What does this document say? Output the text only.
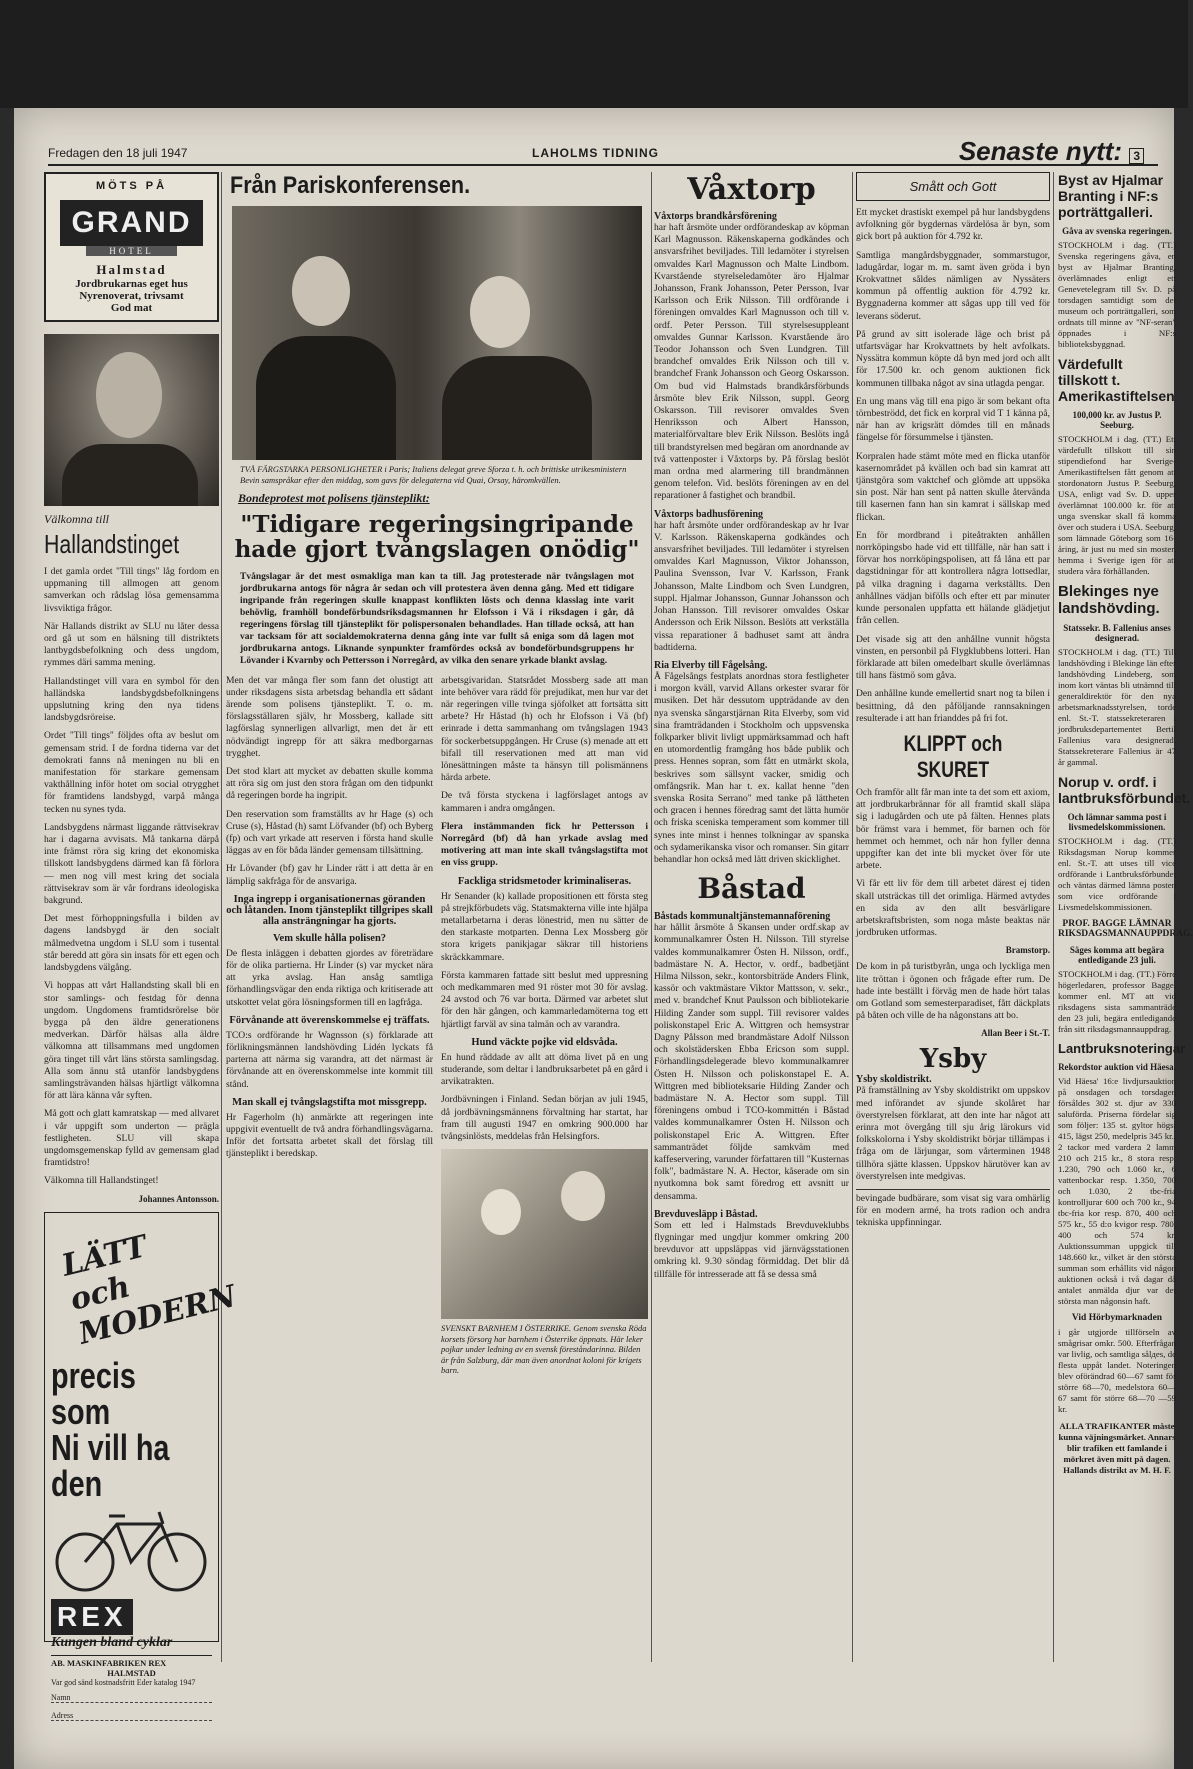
Fredagen den 18 juli 1947	LAHOLMS TIDNING	Senaste nytt: 3
MÖTS PÅ
GRAND
HOTEL
Halmstad
Jordbrukarnas eget hus
Nyrenoverat, trivsamt
God mat
Välkomna till
Hallandstinget

I det gamla ordet "Till tings" låg fordom en uppmaning till allmogen att genom samverkan och rådslag lösa gemensamma livsviktiga frågor.

När Hallands distrikt av SLU nu låter dessa ord gå ut som en hälsning till distriktets lantbygdsbefolkning och dess ungdom, rymmes däri samma mening.

Hallandstinget vill vara en symbol för den halländska landsbygdsbefolkningens uppslutning kring den nya tidens landsbygdsröreise.

Ordet "Till tings" följdes ofta av beslut om gemensam strid. I de fordna tiderna var det demokrati fanns nå meningen nu bli en manifestation för starkare gemensam vakthållning inför hotet om social otrygghet för framtidens landsbygd, varpå många tecken nu synes tyda.

Landsbygdens närmast liggande rättvisekrav har i dagarna avvisats. Må tankarna därpå inte främst röra sig kring det ekonomiska tillskott landsbygdens därmed kan få förlora — men nog vill mest kring det sociala rättvisekrav som är vår fordrans ideologiska bakgrund.

Det mest förhoppningsfulla i bilden av dagens landsbygd är den socialt målmedvetna ungdom i SLU som i tusental står beredd att göra sin insats för ett egen och landsbygdens välgång.

Vi hoppas att vårt Hallandsting skall bli en stor samlings- och festdag för denna ungdom. Ungdomens framtidsrörelse bör bygga på den äldre generationens medverkan. Därför hälsas alla äldre välkomna att tillsammans med ungdomen göra tinget till vårt läns största samlingsdag. Alla som ännu stå utanför landsbygdens samlingsträvanden hälsas hjärtligt välkomna för att lära känna vår syften.

Må gott och glatt kamratskap — med allvaret i vår uppgift som underton — prägla festligheten. SLU vill skapa ungdomsgemenskap fylld av gemensam glad framtidstro!

Välkomna till Hallandstinget!

Johannes Antonsson.
LÄTT och MODERN
precis som
Ni vill ha
den
REX
Kungen bland cyklar
AB. MASKINFABRIKEN REX
HALMSTAD
Var god sänd kostnadsfritt Eder katalog 1947
Namn
Adress
Från Pariskonferensen.
TVÅ FÄRGSTARKA PERSONLIGHETER i Paris; Italiens delegat greve Sforza t. h. och brittiske utrikesministern Bevin samspråkar efter den middag, som gavs för delegaterna vid Quai, Orsay, häromkvällen.
Bondeprotest mot polisens tjänsteplikt:
"Tidigare regeringsingripande hade gjort tvångslagen onödig"
Tvångslagar är det mest osmakliga man kan ta till. Jag protesterade när tvångslagen mot jordbrukarna antogs för några år sedan och vill protestera även denna gång. Med ett tidigare ingripande från regeringen skulle knappast konflikten lösts och denna klasslag inte varit behövlig, framhöll bondeförbundsriksdagsmannen hr Elofsson i Vä i riksdagen i går, då regeringens förslag till tjänsteplikt för polispersonalen behandlades. Han tillade också, att han var tacksam för att socialdemokraterna denna gång inte var fullt så eniga som då lagen mot jordbrukarna antogs. Liknande synpunkter framfördes också av bondeförbundsgruppens hr Lövander i Kvarnby och Pettersson i Norregård, av vilka den senare yrkade blankt avslag.

Men det var många fler som fann det olustigt att under riksdagens sista arbetsdag behandla ett sådant ärende som polisens tjänsteplikt. T. o. m. förslagsställaren själv, hr Mossberg, kallade sitt lagförslag synnerligen allvarligt, men det är ett nödvändigt ingrepp för att säkra medborgarnas trygghet.

Det stod klart att mycket av debatten skulle komma att röra sig om just den stora frågan om den tidpunkt då regeringen borde ha ingripit.

Den reservation som framställts av hr Hage (s) och Cruse (s), Håstad (h) samt Löfvander (bf) och Byberg (fp) och vart yrkade att reserven i första hand skulle läggas av en för båda länder gemensam tillsättning.

Hr Lövander (bf) gav hr Linder rätt i att detta är en lämplig sakfråga för de ansvariga.

Inga ingrepp i organisationernas göranden och låtanden. Inom tjänsteplikt tillgripes skall alla ansträngningar ha gjorts.
Vem skulle hålla polisen?

De flesta inläggen i debatten gjordes av företrädare för de olika partierna. Hr Linder (s) var mycket nära att yrka avslag. Han ansåg samtliga förhandlingsvägar den enda riktiga och kritiserade att utskottet velat göra lösningsformen till en lagfråga.

Förvånande att överenskommelse ej träffats.

TCO:s ordförande hr Wagnsson (s) förklarade att förlikningsmännen landshövding Lidén lyckats få parterna att närma sig varandra, att det närmast är förvånande att en överenskommelse inte kommit till stånd.

Man skall ej tvångslagstifta mot missgrepp.

Hr Fagerholm (h) anmärkte att regeringen inte uppgivit eventuellt de två andra förhandlingsvägarna. Inför det fortsatta arbetet skall det förslag till tjänsteplikt i beredskap.

arbetsgivaridan. Statsrådet Mossberg sade att man inte behöver vara rädd för prejudikat, men hur var det när regeringen ville tvinga sjöfolket att fortsätta sitt arbete? Hr Håstad (h) och hr Elofsson i Vä (bf) erinrade i detta sammanhang om tvångslagen 1943 för sockerbetsuppgången. Hr Cruse (s) menade att ett bifall till reservationen med att man vid lönesättningen måste ta hänsyn till polismännens härda arbete.

De två första styckena i lagförslaget antogs av kammaren i andra omgången.

Flera instämmanden fick hr Pettersson i Norregård (bf) då han yrkade avslag med motivering att man inte skall tvångslagstifta mot en viss grupp.

Fackliga stridsmetoder kriminaliseras.

Hr Senander (k) kallade propositionen ett första steg på strejkförbudets väg. Statsmakterna ville inte hjälpa metallarbetarna i deras lönestrid, men nu sätter de den starkaste motparten. Denna Lex Mossberg gör stora krigets panikjagar säkrar till historiens skräckkammare.

Första kammaren fattade sitt beslut med uppresning och medkammaren med 91 röster mot 30 för avslag. 24 avstod och 76 var borta. Därmed var arbetet slut för den här gången, och kammarledamöterna tog ett hjärtligt farväl av sina talmän och av varandra.

Hund väckte pojke vid eldsvåda.

En hund räddade av allt att döma livet på en ung studerande, som deltar i landbruksarbetet på en gård i arvikatrakten.

Jordbävningen i Finland. Sedan början av juli 1945, då jordbävningsmännens förvaltning har startat, har fram till augusti 1947 en omkring 900.000 har tvångsinlösts, meddelas från Helsingfors.

SVENSKT BARNHEM I ÖSTERRIKE. Genom svenska Röda korsets försorg har barnhem i Österrike öppnats. Här leker pojkar under ledning av en svensk föreståndarinna. Bilden är från Salzburg, där man även anordnat koloni för krigets barn.
Våxtorp
Våxtorps brandkårsförening

har haft årsmöte under ordförandeskap av köpman Karl Magnusson. Räkenskaperna godkändes och ansvarsfrihet beviljades. Till ledamöter i styrelsen omvaldes Karl Magnusson och Malte Lindbom. Kvarstående styrelseledamöter äro Hjalmar Johansson, Frank Johansson, Peter Persson, Ivar Karlsson och Erik Nilsson. Till ordförande i föreningen omvaldes Karl Magnusson och till v. ordf. Peter Persson. Till styrelsesuppleant omvaldes Gunnar Karlsson. Kvarstående äro Teodor Johansson och Sven Lundgren. Till brandchef omvaldes Erik Nilsson och till v. brandchef Frank Johansson och Georg Oskarsson. Om bud vid Halmstads brandkårsförbunds årsmöte blev Erik Nilsson, suppl. Georg Oskarsson. Till revisorer omvaldes Sven Henriksson och Albert Hansson, materialförvaltare blev Erik Nilsson. Beslöts ingå till brandstyrelsen med begäran om anordnande av två vattenposter i Våxtorps by. På förslag beslöt man ordna med alarmering till brandmännen genom telefon. Vid. beslöts föreningen av en del reparationer å fastighet och brandbil.

Våxtorps badhusförening

har haft årsmöte under ordförandeskap av hr Ivar V. Karlsson. Räkenskaperna godkändes och ansvarsfrihet beviljades. Till ledamöter i styrelsen omvaldes Karl Magnusson, Viktor Johansson, Paulina Svensson, Ivar V. Karlsson, Frank Johansson, Malte Lindbom och Sven Lundgren, suppl. Hjalmar Johansson, Gunnar Johansson och Johan Hansson. Till revisorer omvaldes Oskar Andersson och Erik Nilsson. Beslöts att verkställa vissa reparationer å badhuset samt att ändra badtiderna.

Ria Elverby till Fågelsång.

Å Fågelsångs festplats anordnas stora festligheter i morgon kväll, varvid Allans orkester svarar för musiken. Det här dessutom uppträdande av den nya svenska sångarstjärnan Rita Elverby, som vid sina framträdanden i Stockholm och uppsvenska folkparker blivit livligt uppmärksammad och haft en utomordentlig framgång hos både publik och press. Hennes sopran, som fått en utmärkt skola, beskrives som sällsynt vacker, smidig och omfångsrik. Man har t. ex. kallat henne "den svenska Rosita Serrano" med tanke på lättheten och gracen i hennes föredrag samt det lätta humör och friska sceniska temperament som kommer till synes inte minst i hennes tolkningar av spanska och sydamerikanska visor och romanser. Sin gitarr behandlar hon också med lätt driven skicklighet.

Båstad
Båstads kommunaltjänstemannaförening

har hållit årsmöte å Skansen under ordf.skap av kommunalkamrer Östen H. Nilsson. Till styrelse valdes kommunalkamrer Östen H. Nilsson, ordf., badmästare N. A. Hector, v. ordf., badbetjänt Hilma Nilsson, sekr., kontorsbiträde Anders Flink, kassör och vaktmästare Viktor Mattsson, v. sekr., med v. brandchef Knut Paulsson och bibliotekarie Hilding Zander som suppl. Till revisorer valdes poliskonstapel Eric A. Wittgren och hemsystrar Dagny Pålsson med brandmästare Adolf Nilsson och skolstädersken Ebba Ericson som suppl. Förhandlingsdelegerade blevo kommunalkamrer Östen H. Nilsson och poliskonstapel E. A. Wittgren med biblioteksarie Hilding Zander och badmästare N. A. Hector som suppl. Till föreningens ombud i TCO-kommittén i Båstad valdes kommunalkamrer Östen H. Nilsson och poliskonstapel Eric A. Wittgren. Efter sammanträdet följde samkväm med kaffeservering, varunder författaren till "Kusternas folk", badmästare N. A. Hector, kåserade om sin nyutkomna bok samt föredrog ett avsnitt ur densamma.

Brevduvesläpp i Båstad.

Som ett led i Halmstads Brevduveklubbs flygningar med ungdjur kommer omkring 200 brevduvor att uppsläppas vid järnvägsstationen omkring kl. 9.30 söndag förmiddag. Det blir då tillfälle för intresserade att få se dessa små

Smått och Gott

Ett mycket drastiskt exempel på hur landsbygdens avfolkning gör bygdernas värdelösa är byn, som gick bort på auktion för 4.792 kr.

Samtliga mangårdsbyggnader, sommarstugor, ladugårdar, logar m. m. samt även gröda i byn Krokvattnet såldes nämligen av Nyssäters kommun på offentlig auktion för 4.792 kr. Byggnaderna kommer att sågas upp till ved för leverans söderut.

På grund av sitt isolerade läge och brist på utfartsvägar har Krokvattnets by helt avfolkats. Nyssätra kommun köpte då byn med jord och allt för 17.500 kr. och genom auktionen fick kommunen tillbaka något av sina utlagda pengar.

En ung mans väg till ena pigo är som bekant ofta törnbeströdd, det fick en korpral vid T 1 känna på, när han av krigsrätt dömdes till en månads fängelse för försummelse i tjänsten.

Korpralen hade stämt möte med en flicka utanför kasernområdet på kvällen och bad sin kamrat att tjänstgöra som vaktchef och glömde att uppsöka sin post. När han sent på natten skulle återvända till kasernen fann han sin kamrat i sällskap med flickan.

En för mordbrand i piteåtrakten anhållen norrköpingsbo hade vid ett tillfälle, när han satt i förvar hos norrköpingspolisen, att få låna ett par dagstidningar för att kontrollera några lottsedlar, på vilka dragning i dagarna verkställts. Den anhållnes vädjan bifölls och efter ett par minuter kunde personalen uppfatta ett hälande glädjetjut från cellen.

Det visade sig att den anhållne vunnit högsta vinsten, en personbil på Flygklubbens lotteri. Han förklarade att bilen omedelbart skulle överlämnas till hans fästmö som gåva.

Den anhållne kunde emellertid snart nog ta bilen i besittning, då den påföljande rannsakningen resulterade i att han frianddes på fri fot.

KLIPPT och SKURET

Och framför allt får man inte ta det som ett axiom, att jordbrukarbrännar för all framtid skall släpa sig i ladugården och ute på fälten. Hennes plats bör främst vara i hemmet, för barnen och för hemmet och hemmet, och när hon fyller denna uppgifter kan det inte bli mycket över för ute arbete.

Vi får ett liv för dem till arbetet därest ej tiden skall utsträckas till det orimliga. Härmed avtydes en sida av den allt besvärligare arbetskraftsbristen, som noga måste beaktas när jordbruken utformas.

Bramstorp.

De kom in på turistbyrån, unga och lyckliga men lite tröttan i ögonen och frågade efter rum. De hade inte beställt i förväg men de hade hört talas om Gotland som semesterparadiset, fått däckplats på båten och ville de ha någonstans att bo.

Allan Beer i St.-T.
Ysby
Ysby skoldistrikt.

På framställning av Ysby skoldistrikt om uppskov med införandet av sjunde skolåret har överstyrelsen förklarat, att den inte har något att erinra mot övergång till sju årig lärokurs vid folkskolorna i Ysby skoldistrikt börjar tillämpas i fråga om de lärjungar, som vårterminen 1948 tillhöra sjätte klassen. Uppskov härutöver kan av överstyrelsen inte medgivas.

bevingade budbärare, som visat sig vara omhärlig för en modern armé, ha trots radion och andra tekniska uppfinningar.

Byst av Hjalmar Branting i NF:s porträttgalleri.
Gåva av svenska regeringen.

STOCKHOLM i dag. (TT.) Svenska regeringens gåva, en byst av Hjalmar Branting, överlämnades enligt ett Genevetelegram till Sv. D. på torsdagen samtidigt som det museum och porträttgalleri, som ordnats till minne av "NF-seran" öppnades i NF:s biblioteksbyggnad.

Värdefullt tillskott t. Amerikastiftelsen
100,000 kr. av Justus P. Seeburg.

STOCKHOLM i dag. (TT.) Ett värdefullt tillskott till sin stipendiefond har Sverige-Amerikastiftelsen fått genom att stordonatorn Justus P. Seeburg, USA, enligt vad Sv. D. upper överlämnat 100.000 kr. för att unga svenskar skall få komma över och studera i USA. Seeburg, som lämnade Göteborg som 16-åring, är just nu med sin moster, hemma i Sverige igen för att studera våra förhållanden.

Blekinges nye landshövding.
Statssekr. B. Fallenius anses designerad.

STOCKHOLM i dag. (TT.) Till landshövding i Blekinge län efter landshövding Lindeberg, som inom kort väntas bli utnämnd till generaldirektör för den nya arbetsmarknadsstyrelsen, torde enl. St.-T. statssekreteraren i jordbruksdepartementet Bertil Fallenius vara designerad. Statssekreterare Fallenius är 47 år gammal.

Norup v. ordf. i lantbruksförbundet.
Och lämnar samma post i livsmedelskommissionen.

STOCKHOLM i dag. (TT.) Riksdagsman Norup kommer enl. St.-T. att utses till vice ordförande i Lantbruksförbundet och väntas därmed lämna posten som vice ordförande i Livsmedelskommissionen.

PROF. BAGGE LÄMNAR RIKSDAGSMANNAUPPDRAG.
Säges komma att begära entledigande 23 juli.

STOCKHOLM i dag. (TT.) Förre högerledaren, professor Bagge, kommer enl. MT att vid riksdagens sista sammanträde den 23 juli, begära entledigande från sitt riksdagsmannauppdrag.

Lantbruksnoteringar
Rekordstor auktion vid Häesa.

Vid Häesa' 16:e livdjursauktion på onsdagen och torsdagen försåldes 302 st. djur av 330 salufördа. Priserna fördelar sig som följer: 135 st. gyltor högst 415, lägst 250, medelpris 345 kr., 2 tackor med vardera 2 lamm 210 och 215 kr., 8 stora resp. 1.230, 790 och 1.060 kr., 6 vattenbockar resp. 1.350, 700 och 1.030, 2 tbc-fria kontrolljurar 600 och 700 kr., 94 tbc-fria kor resp. 870, 400 och 575 kr., 55 d:o kvigor resp. 780, 400 och 574 kr. Auktionssumman uppgick till 148.660 kr., vilket är den största summan som erhållits vid någon auktionen också i två dagar då antalet anmälda djur var det största man någonsin haft.

Vid Hörbymarknaden

i går utgjorde tillförseln av smågrisar omkr. 500. Efterfrågan var livlig, och samtliga sålдes, de flesta uppåt landet. Noteringen blev oförändrad 60—67 samt för större 68—70, medelstora 60—67 samt för större 68—70 —59 kr.

ALLA TRAFIKANTER måste kunna väjningsmärket. Annars blir trafiken ett famlande i mörkret även mitt på dagen. Hallands distrikt av M. H. F.
